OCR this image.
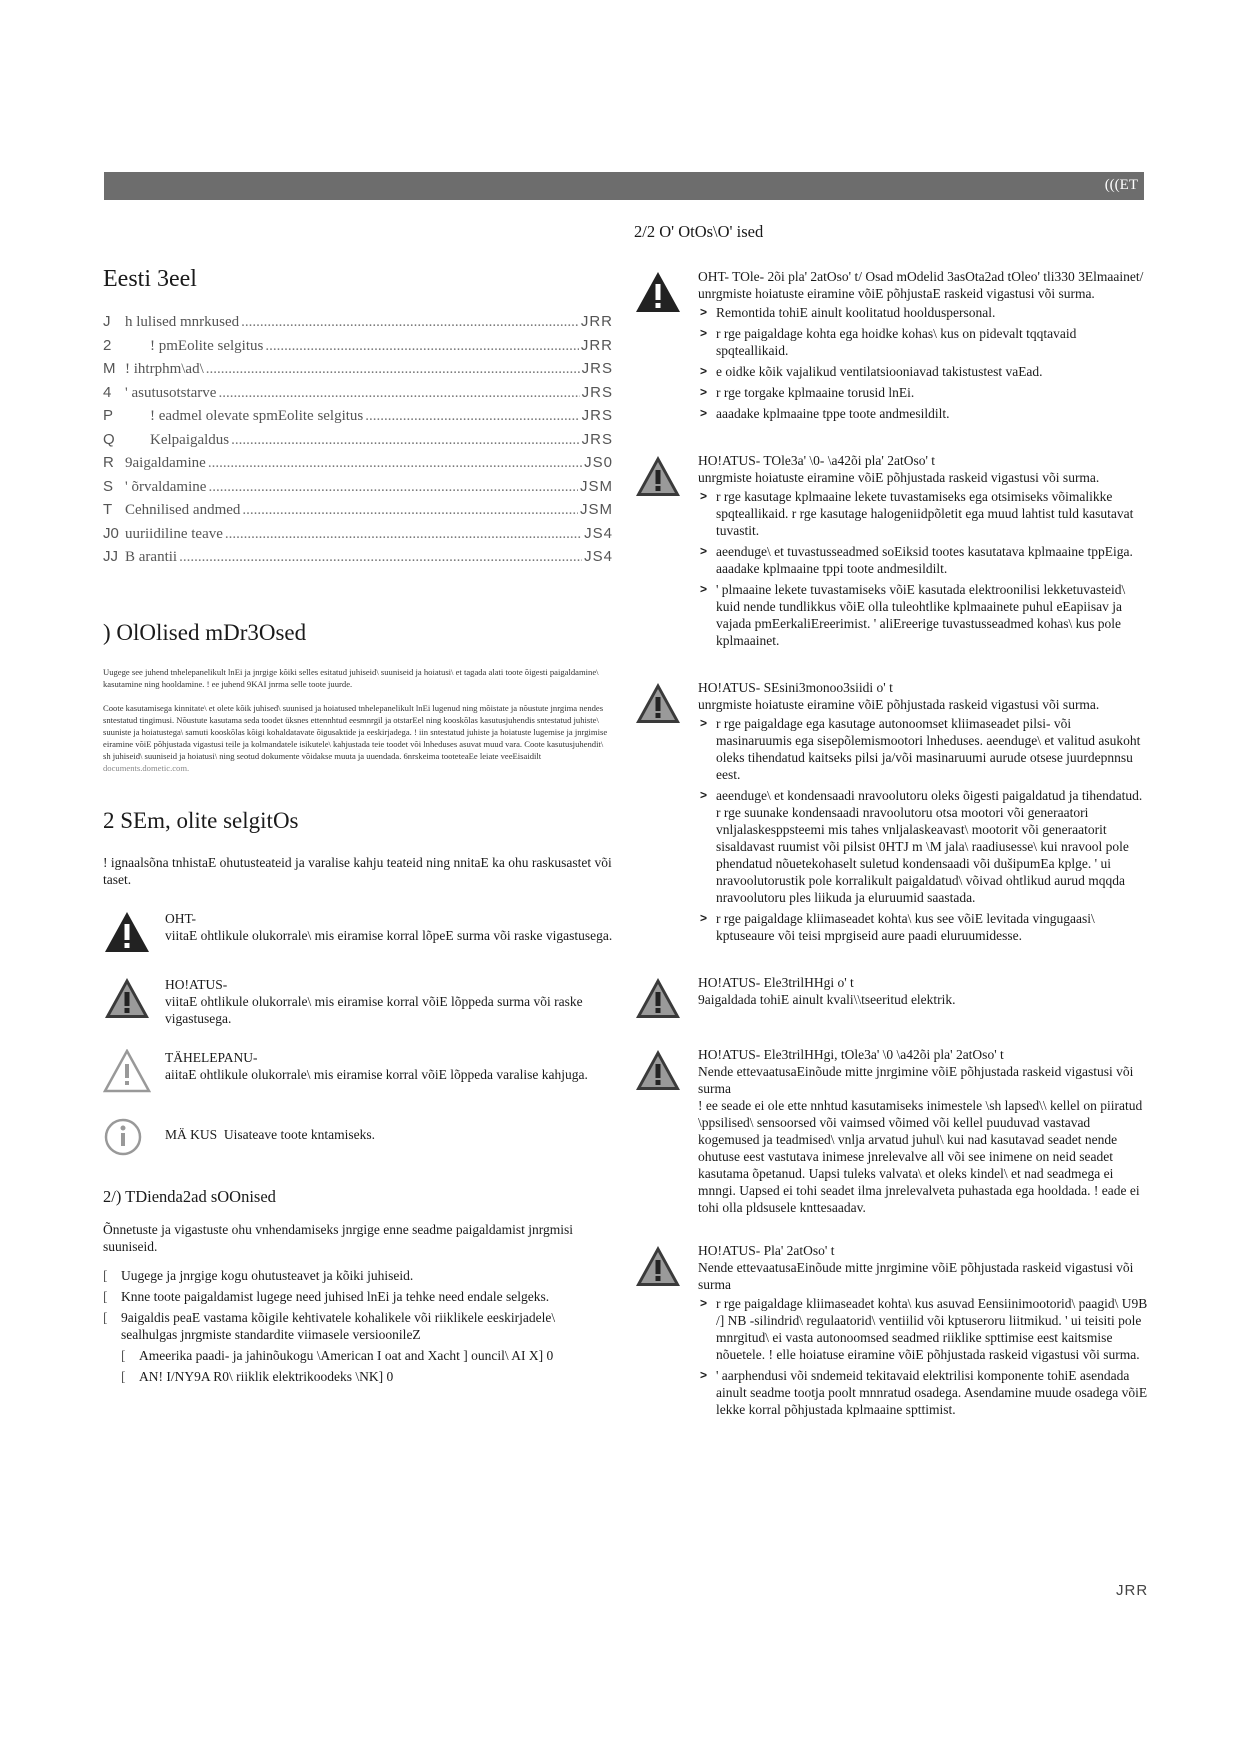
(((ET
Eesti 3eel
J h lulised mnrkused .....	JRR
2	! pmEolite selgitus .....	JRR
M ! ihtrphm\ad\ .....	JRS
4 ' asutusotstarve .....	JRS
P	! eadmel olevate spmEolite selgitus .....	JRS
Q	Kelpaigaldus .....	JRS
R 9aigaldamine .....	JS0
S ' õrvaldamine .....	JSM
T Cehnilised andmed .....	JSM
J0 uuriidiline teave .....	JS4
JJ B arantii .....	JS4
) OlOlised mDr3Osed

Uugege see juhend tnhelepanelikult lnEi ja jnrgige kõiki selles esitatud juhiseid\ suuniseid ja hoiatusi\ et tagada alati toote õigesti paigaldamine\ kasutamine ning hooldamine. ! ee juhend 9KAI jnrma selle toote juurde.

Coote kasutamisega kinnitate\ et olete kõik juhised\ suunised ja hoiatused tnhelepanelikult lnEi lugenud ning mõistate ja nõustute jnrgima nendes sntestatud tingimusi. Nõustute kasutama seda toodet üksnes ettennhtud eesmnrgil ja otstarEel ning kooskõlas kasutusjuhendis sntestatud juhiste\ suuniste ja hoiatustega\ samuti kooskõlas kõigi kohaldatavate õigusaktide ja eeskirjadega. ! iin sntestatud juhiste ja hoiatuste lugemise ja jnrgimise eiramine võiE põhjustada vigastusi teile ja kolmandatele isikutele\ kahjustada teie toodet või lnheduses asuvat muud vara. Coote kasutusjuhendit\ sh juhiseid\ suuniseid ja hoiatusi\ ning seotud dokumente võidakse muuta ja uuendada. 6nrskeima tooteteaEe leiate veeEisaidilt documents.dometic.com.

2 SEm, olite selgitOs

! ignaalsõna tnhistaE ohutusteateid ja varalise kahju teateid ning nnitaE ka ohu raskusastet või taset.

OHT-
viitaE ohtlikule olukorrale\ mis eiramise korral lõpeE surma või raske vigastusega.
HO!ATUS-
viitaE ohtlikule olukorrale\ mis eiramise korral võiE lõppeda surma või raske vigastusega.
TÄHELEPANU-
aiitaE ohtlikule olukorrale\ mis eiramise korral võiE lõppeda varalise kahjuga.
MÄ KUS Uisateave toote kntamiseks.
2/) TDienda2ad sOOnised

Õnnetuste ja vigastuste ohu vnhendamiseks jnrgige enne seadme paigaldamist jnrgmisi suuniseid.

[ Uugege ja jnrgige kogu ohutusteavet ja kõiki juhiseid.
[ Knne toote paigaldamist lugege need juhised lnEi ja tehke need endale selgeks.
[ 9aigaldis peaE vastama kõigile kehtivatele kohalikele või riiklikele eeskirjadele\ sealhulgas jnrgmiste standardite viimasele versioonileZ
[ Ameerika paadi- ja jahinõukogu \American I oat and Xacht ] ouncil\ AI X] 0
[ AN! I/NY9A R0\ riiklik elektrikoodeks \NK] 0
2/2 O' OtOs\O' ised
OHT- TOle- 2õi pla' 2atOso' t/ Osad mOdelid 3asOta2ad tOleo' tli330 3Elmaainet/
unrgmiste hoiatuste eiramine võiE põhjustaE raskeid vigastusi või surma.
> Remontida tohiE ainult koolitatud hoolduspersonal.
> r rge paigaldage kohta ega hoidke kohas\ kus on pidevalt tqqtavaid spqteallikaid.
> e oidke kõik vajalikud ventilatsiooniavad takistustest vaEad.
> r rge torgake kplmaaine torusid lnEi.
> aaadake kplmaaine tppe toote andmesildilt.
HO!ATUS- TOle3a' \0- \a42õi pla' 2atOso' t
unrgmiste hoiatuste eiramine võiE põhjustada raskeid vigastusi või surma.
> r rge kasutage kplmaaine lekete tuvastamiseks ega otsimiseks võimalikke spqteallikaid. r rge kasutage halogeniidpõletit ega muud lahtist tuld kasutavat tuvastit.
> aeenduge\ et tuvastusseadmed soEiksid tootes kasutatava kplmaaine tppEiga. aaadake kplmaaine tppi toote andmesildilt.
> ' plmaaine lekete tuvastamiseks võiE kasutada elektroonilisi lekketuvasteid\ kuid nende tundlikkus võiE olla tuleohtlike kplmaainete puhul eEapiisav ja vajada pmEerkaliEreerimist. ' aliEreerige tuvastusseadmed kohas\ kus pole kplmaainet.
HO!ATUS- SEsini3monoo3siidi o' t
unrgmiste hoiatuste eiramine võiE põhjustada raskeid vigastusi või surma.
> r rge paigaldage ega kasutage autonoomset kliimaseadet pilsi- või masinaruumis ega sisepõlemismootori lnheduses. aeenduge\ et valitud asukoht oleks tihendatud kaitseks pilsi ja/või masinaruumi aurude otsese juurdepnnsu eest.
> aeenduge\ et kondensaadi nravoolutoru oleks õigesti paigaldatud ja tihendatud. r rge suunake kondensaadi nravoolutoru otsa mootori või generaatori vnljalaskesppsteemi mis tahes vnljalaskeavast\ mootorit või generaatorit sisaldavast ruumist või pilsist 0HTJ m \M jala\ raadiusesse\ kui nravool pole phendatud nõuetekohaselt suletud kondensaadi või dušipumEa kplge. ' ui nravoolutorustik pole korralikult paigaldatud\ võivad ohtlikud aurud mqqda nravoolutoru ples liikuda ja eluruumid saastada.
> r rge paigaldage kliimaseadet kohta\ kus see võiE levitada vingugaasi\ kptuseaure või teisi mprgiseid aure paadi eluruumidesse.
HO!ATUS- Ele3trilHHgi o' t
9aigaldada tohiE ainult kvali\\tseeritud elektrik.
HO!ATUS- Ele3trilHHgi, tOle3a' \0 \a42õi pla' 2atOso' t
Nende ettevaatusaEinõude mitte jnrgimine võiE põhjustada raskeid vigastusi või surma
! ee seade ei ole ette nnhtud kasutamiseks inimestele \sh lapsed\\ kellel on piiratud \ppsilised\ sensoorsed või vaimsed võimed või kellel puuduvad vastavad kogemused ja teadmised\ vnlja arvatud juhul\ kui nad kasutavad seadet nende ohutuse eest vastutava inimese jnrelevalve all või see inimene on neid seadet kasutama õpetanud. Uapsi tuleks valvata\ et oleks kindel\ et nad seadmega ei mnngi. Uapsed ei tohi seadet ilma jnrelevalveta puhastada ega hooldada. ! eade ei tohi olla pldsusele knttesaadav.
HO!ATUS- Pla' 2atOso' t
Nende ettevaatusaEinõude mitte jnrgimine võiE põhjustada raskeid vigastusi või surma
> r rge paigaldage kliimaseadet kohta\ kus asuvad Eensiinimootorid\ paagid\ U9B /] NB -silindrid\ regulaatorid\ ventiilid või kptuseroru liitmikud. ' ui teisiti pole mnrgitud\ ei vasta autonoomsed seadmed riiklike spttimise eest kaitsmise nõuetele. ! elle hoiatuse eiramine võiE põhjustada raskeid vigastusi või surma.
> ' aarphendusi või sndemeid tekitavaid elektrilisi komponente tohiE asendada ainult seadme tootja poolt mnnratud osadega. Asendamine muude osadega võiE lekke korral põhjustada kplmaaine spttimist.
JRR
